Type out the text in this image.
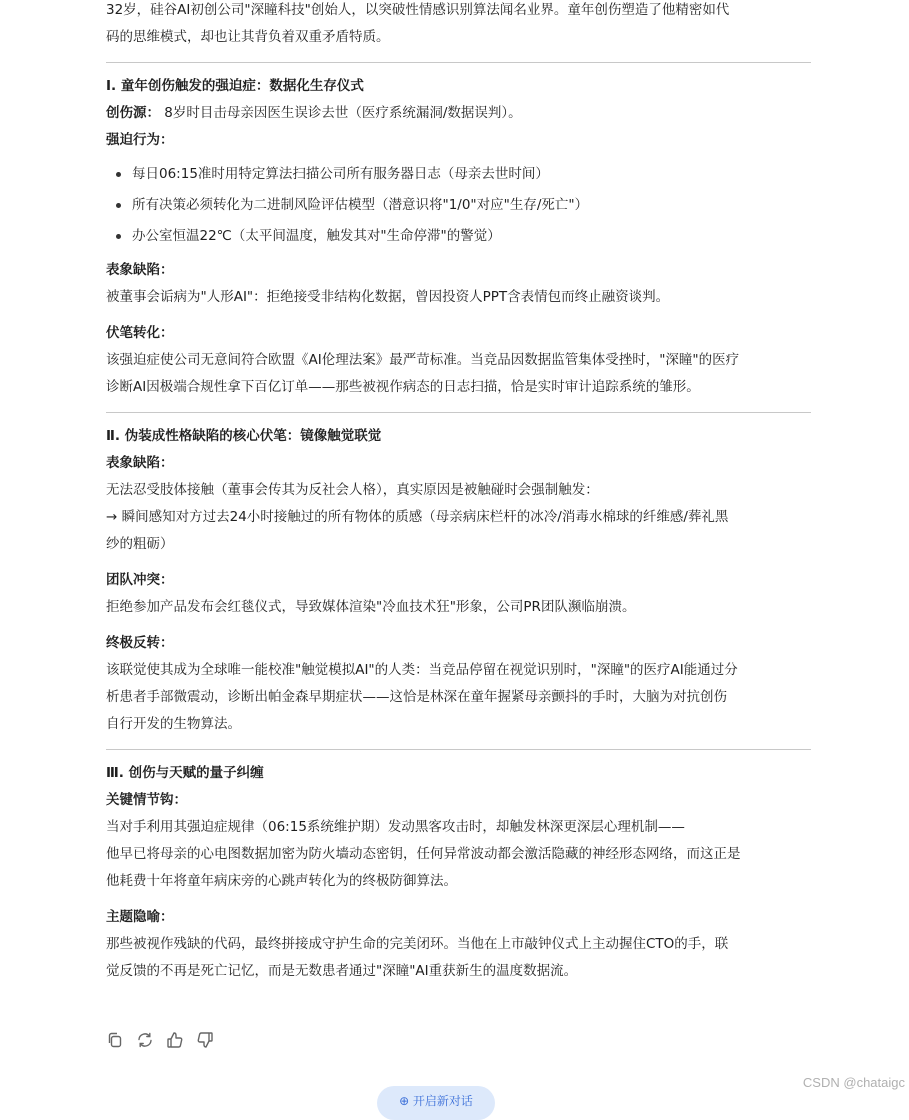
32岁，硅谷AI初创公司"深瞳科技"创始人，以突破性情感识别算法闻名业界。童年创伤塑造了他精密如代

码的思维模式，却也让其背负着双重矛盾特质。

Ⅰ. 童年创伤触发的强迫症：数据化生存仪式

创伤源： 8岁时目击母亲因医生误诊去世（医疗系统漏洞/数据误判）。

强迫行为：

每日06:15准时用特定算法扫描公司所有服务器日志（母亲去世时间）
所有决策必须转化为二进制风险评估模型（潜意识将"1/0"对应"生存/死亡"）
办公室恒温22℃（太平间温度，触发其对"生命停滞"的警觉）

表象缺陷：

被董事会诟病为"人形AI"：拒绝接受非结构化数据，曾因投资人PPT含表情包而终止融资谈判。

伏笔转化：

该强迫症使公司无意间符合欧盟《AI伦理法案》最严苛标准。当竞品因数据监管集体受挫时，"深瞳"的医疗

诊断AI因极端合规性拿下百亿订单——那些被视作病态的日志扫描，恰是实时审计追踪系统的雏形。

Ⅱ. 伪装成性格缺陷的核心伏笔：镜像触觉联觉

表象缺陷：

无法忍受肢体接触（董事会传其为反社会人格），真实原因是被触碰时会强制触发：

→ 瞬间感知对方过去24小时接触过的所有物体的质感（母亲病床栏杆的冰冷/消毒水棉球的纤维感/葬礼黑

纱的粗砺）

团队冲突：

拒绝参加产品发布会红毯仪式，导致媒体渲染"冷血技术狂"形象，公司PR团队濒临崩溃。

终极反转：

该联觉使其成为全球唯一能校准"触觉模拟AI"的人类：当竞品停留在视觉识别时，"深瞳"的医疗AI能通过分

析患者手部微震动，诊断出帕金森早期症状——这恰是林深在童年握紧母亲颤抖的手时，大脑为对抗创伤

自行开发的生物算法。

Ⅲ. 创伤与天赋的量子纠缠

关键情节钩：

当对手利用其强迫症规律（06:15系统维护期）发动黑客攻击时，却触发林深更深层心理机制——

他早已将母亲的心电图数据加密为防火墙动态密钥，任何异常波动都会激活隐藏的神经形态网络，而这正是

他耗费十年将童年病床旁的心跳声转化为的终极防御算法。

主题隐喻：

那些被视作残缺的代码，最终拼接成守护生命的完美闭环。当他在上市敲钟仪式上主动握住CTO的手，联

觉反馈的不再是死亡记忆，而是无数患者通过"深瞳"AI重获新生的温度数据流。

⊕ 开启新对话
CSDN @chataigc
